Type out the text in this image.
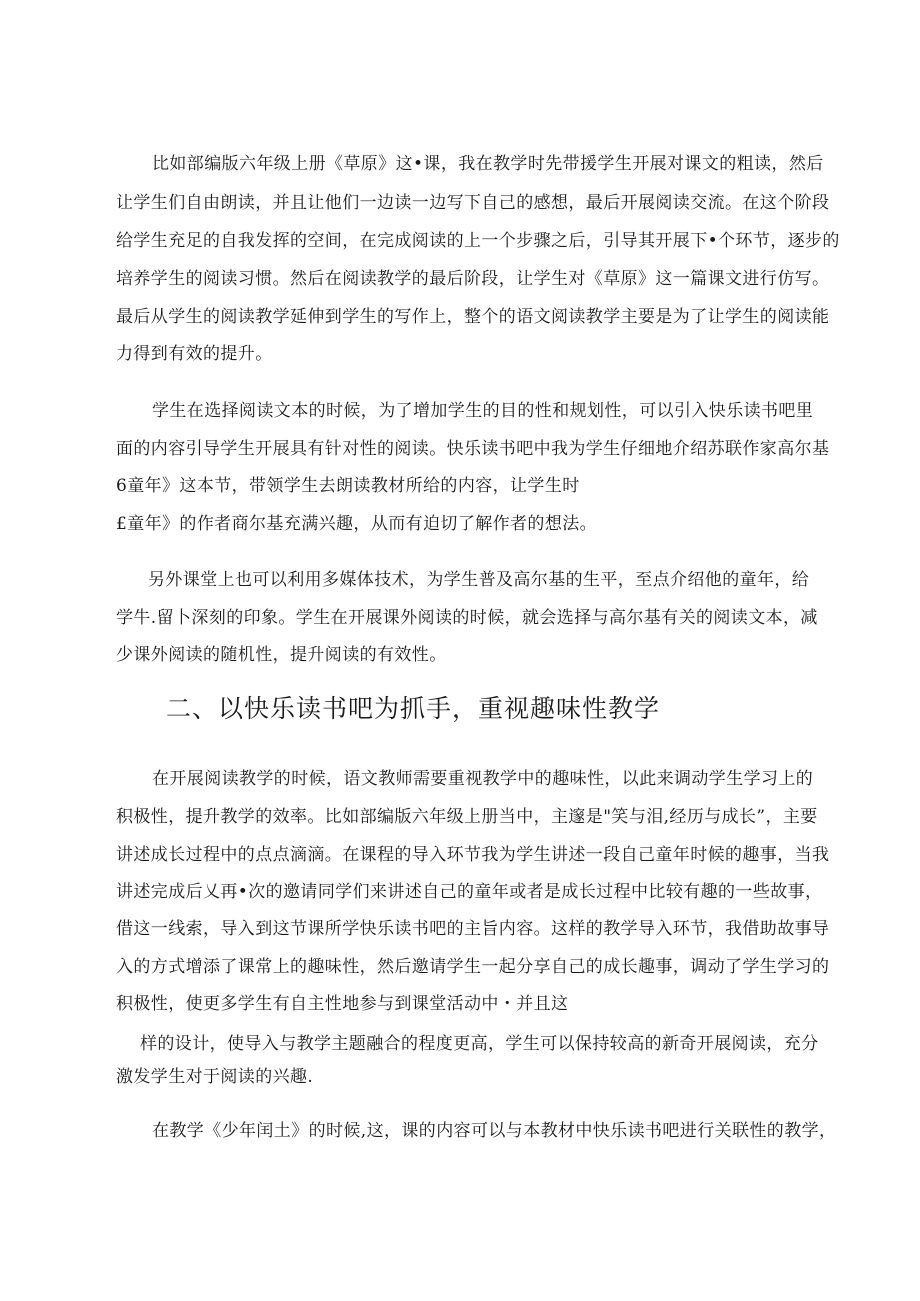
比如部编版六年级上册《草原》这•课，我在教学时先带援学生开展对课文的粗读，然后

让学生们自由朗读，并且让他们一边读一边写下自己的感想，最后开展阅读交流。在这个阶段

给学生充足的自我发挥的空间，在完成阅读的上一个步骤之后，引导其开展下•个环节，逐步的

培养学生的阅读习惯。然后在阅读教学的最后阶段，让学生对《草原》这一篇课文进行仿写。

最后从学生的阅读教学延伸到学生的写作上，整个的语文阅读教学主要是为了让学生的阅读能

力得到有效的提升。

学生在选择阅读文本的时候，为了增加学生的目的性和规划性，可以引入快乐读书吧里

面的内容引导学生开展具有针对性的阅读。快乐读书吧中我为学生仔细地介绍苏联作家高尔基

6童年》这本节，带领学生去朗读教材所给的内容，让学生时

£童年》的作者商尔基充满兴趣，从而有迫切了解作者的想法。

另外课堂上也可以利用多媒体技术，为学生普及高尔基的生平，至点介绍他的童年，给

学牛.留卜深刻的印象。学生在开展课外阅读的时候，就会选择与高尔基有关的阅读文本，减

少课外阅读的随机性，提升阅读的有效性。

二、以快乐读书吧为抓手，重视趣味性教学

在开展阅读教学的时候，语文教师需要重视教学中的趣味性，以此来调动学生学习上的

积极性，提升教学的效率。比如部编版六年级上册当中，主邃是"笑与泪,经历与成长”，主要

讲述成长过程中的点点滴滴。在课程的导入环节我为学生讲述一段自己童年时候的趣事，当我

讲述完成后乂再•次的邀请同学们来讲述自己的童年或者是成长过程中比较有趣的一些故事，

借这一线索，导入到这节课所学快乐读书吧的主旨内容。这样的教学导入环节，我借助故事导

入的方式增添了课常上的趣味性，然后邀请学生一起分享自己的成长趣事，调动了学生学习的

积极性，使更多学生有自主性地参与到课堂活动中・并且这

样的设计，使导入与教学主题融合的程度更高，学生可以保持较高的新奇开展阅读，充分

激发学生对于阅读的兴趣.

在教学《少年闰土》的时候,这，课的内容可以与本教材中快乐读书吧进行关联性的教学，
